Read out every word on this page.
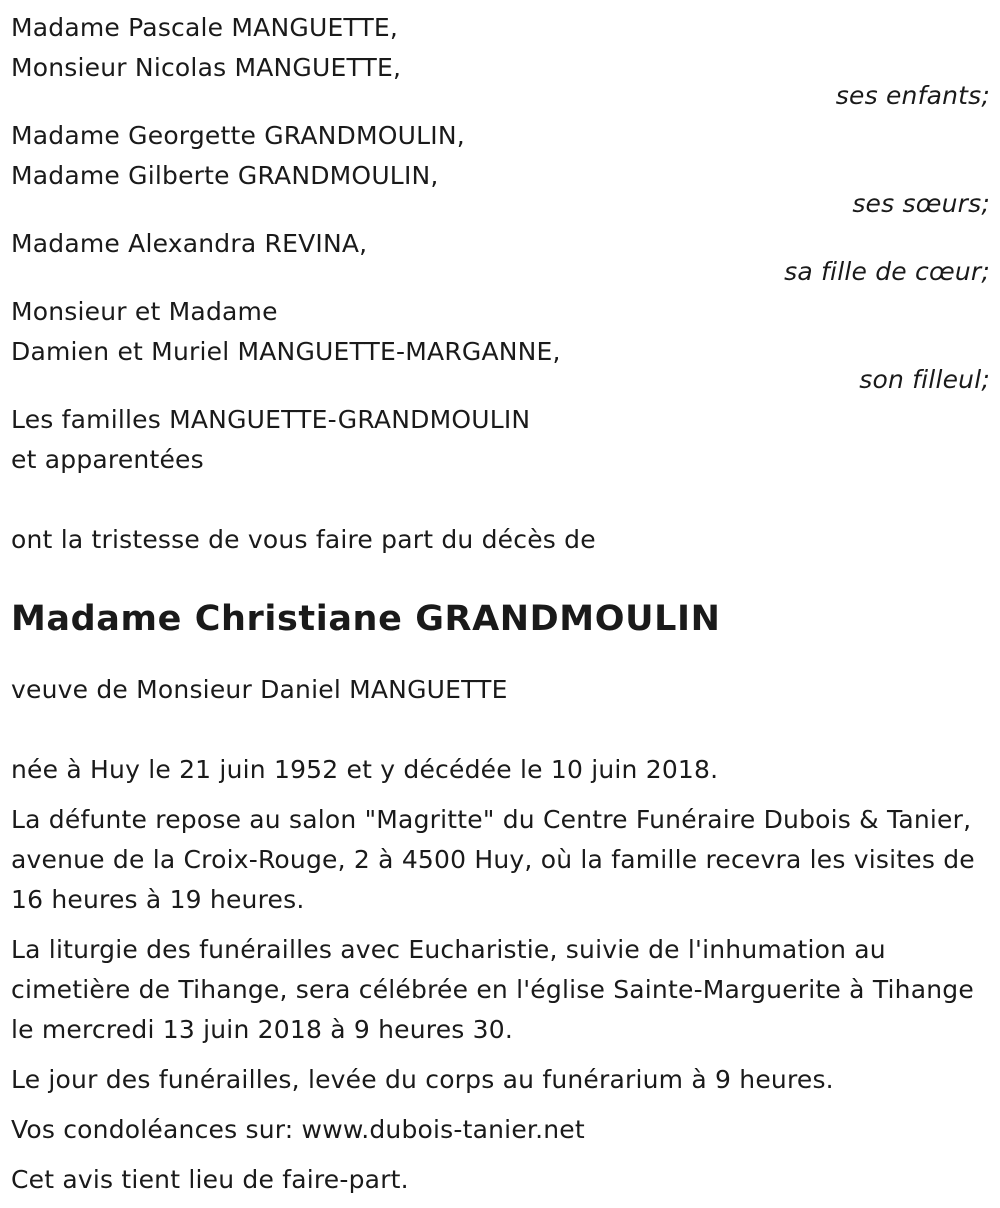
Madame Pascale MANGUETTE,
Monsieur Nicolas MANGUETTE,
ses enfants;
Madame Georgette GRANDMOULIN,
Madame Gilberte GRANDMOULIN,
ses sœurs;
Madame Alexandra REVINA,
sa fille de cœur;
Monsieur et Madame
Damien et Muriel MANGUETTE-MARGANNE,
son filleul;
Les familles MANGUETTE-GRANDMOULIN
et apparentées
ont la tristesse de vous faire part du décès de
Madame Christiane GRANDMOULIN
veuve de Monsieur Daniel MANGUETTE
née à Huy le 21 juin 1952 et y décédée le 10 juin 2018.
La défunte repose au salon "Magritte" du Centre Funéraire Dubois & Tanier, avenue de la Croix-Rouge, 2 à 4500 Huy, où la famille recevra les visites de 16 heures à 19 heures.
La liturgie des funérailles avec Eucharistie, suivie de l'inhumation au cimetière de Tihange, sera célébrée en l'église Sainte-Marguerite à Tihange le mercredi 13 juin 2018 à 9 heures 30.
Le jour des funérailles, levée du corps au funérarium à 9 heures.
Vos condoléances sur: www.dubois-tanier.net
Cet avis tient lieu de faire-part.
